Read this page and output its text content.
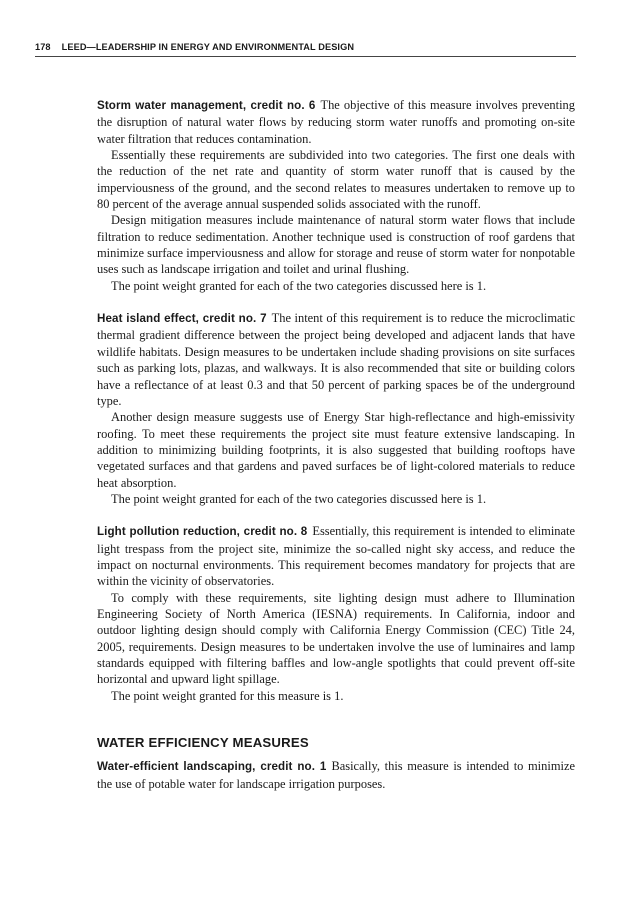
178 LEED—LEADERSHIP IN ENERGY AND ENVIRONMENTAL DESIGN

Storm water management, credit no. 6 The objective of this measure involves preventing the disruption of natural water flows by reducing storm water runoffs and promoting on-site water filtration that reduces contamination.

Essentially these requirements are subdivided into two categories. The first one deals with the reduction of the net rate and quantity of storm water runoff that is caused by the imperviousness of the ground, and the second relates to measures undertaken to remove up to 80 percent of the average annual suspended solids associated with the runoff.

Design mitigation measures include maintenance of natural storm water flows that include filtration to reduce sedimentation. Another technique used is construction of roof gardens that minimize surface imperviousness and allow for storage and reuse of storm water for nonpotable uses such as landscape irrigation and toilet and urinal flushing.

The point weight granted for each of the two categories discussed here is 1.

Heat island effect, credit no. 7 The intent of this requirement is to reduce the microclimatic thermal gradient difference between the project being developed and adjacent lands that have wildlife habitats. Design measures to be undertaken include shading provisions on site surfaces such as parking lots, plazas, and walkways. It is also recommended that site or building colors have a reflectance of at least 0.3 and that 50 percent of parking spaces be of the underground type.

Another design measure suggests use of Energy Star high-reflectance and high-emissivity roofing. To meet these requirements the project site must feature extensive landscaping. In addition to minimizing building footprints, it is also suggested that building rooftops have vegetated surfaces and that gardens and paved surfaces be of light-colored materials to reduce heat absorption.

The point weight granted for each of the two categories discussed here is 1.

Light pollution reduction, credit no. 8 Essentially, this requirement is intended to eliminate light trespass from the project site, minimize the so-called night sky access, and reduce the impact on nocturnal environments. This requirement becomes mandatory for projects that are within the vicinity of observatories.

To comply with these requirements, site lighting design must adhere to Illumination Engineering Society of North America (IESNA) requirements. In California, indoor and outdoor lighting design should comply with California Energy Commission (CEC) Title 24, 2005, requirements. Design measures to be undertaken involve the use of luminaires and lamp standards equipped with filtering baffles and low-angle spotlights that could prevent off-site horizontal and upward light spillage.

The point weight granted for this measure is 1.

WATER EFFICIENCY MEASURES

Water-efficient landscaping, credit no. 1 Basically, this measure is intended to minimize the use of potable water for landscape irrigation purposes.
